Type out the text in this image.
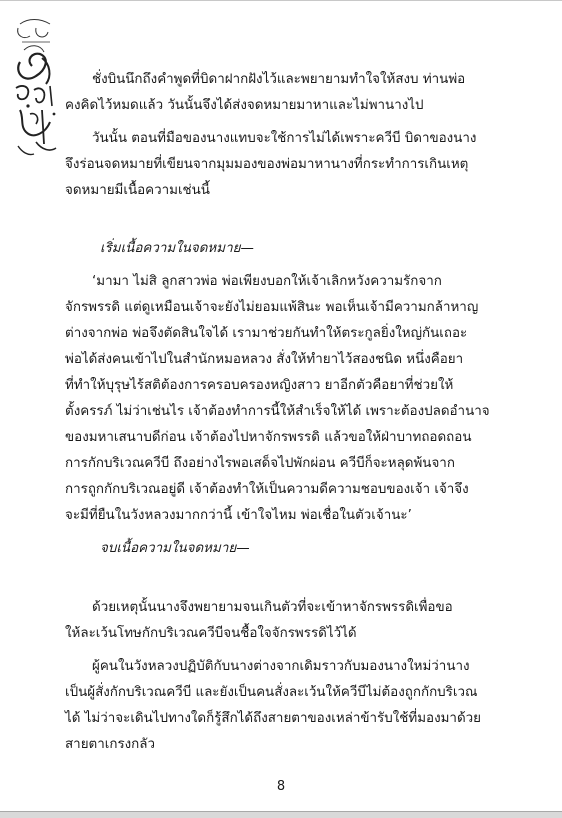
ชั่งบินนึกถึงคำพูดที่บิดาฝากฝังไว้และพยายามทำใจให้สงบ ท่านพ่อ
คงคิดไว้หมดแล้ว วันนั้นจึงได้ส่งจดหมายมาหาและไม่พานางไป
วันนั้น ตอนที่มือของนางแทบจะใช้การไม่ได้เพราะควีบี บิดาของนาง
จึงร่อนจดหมายที่เขียนจากมุมมองของพ่อมาหานางที่กระทำการเกินเหตุ
จดหมายมีเนื้อความเช่นนี้
เริ่มเนื้อความในจดหมาย—
‘มามา ไม่สิ ลูกสาวพ่อ พ่อเพียงบอกให้เจ้าเลิกหวังความรักจาก
จักรพรรดิ แต่ดูเหมือนเจ้าจะยังไม่ยอมแพ้สินะ พอเห็นเจ้ามีความกล้าหาญ
ต่างจากพ่อ พ่อจึงตัดสินใจได้ เรามาช่วยกันทำให้ตระกูลยิ่งใหญ่กันเถอะ
พ่อได้ส่งคนเข้าไปในสำนักหมอหลวง สั่งให้ทำยาไว้สองชนิด หนึ่งคือยา
ที่ทำให้บุรุษไร้สติต้องการครอบครองหญิงสาว ยาอีกตัวคือยาที่ช่วยให้
ตั้งครรภ์ ไม่ว่าเช่นไร เจ้าต้องทำการนี้ให้สำเร็จให้ได้ เพราะต้องปลดอำนาจ
ของมหาเสนาบดีก่อน เจ้าต้องไปหาจักรพรรดิ แล้วขอให้ฝ่าบาทถอดถอน
การกักบริเวณควีบี ถึงอย่างไรพอเสด็จไปพักผ่อน ควีบีก็จะหลุดพ้นจาก
การถูกกักบริเวณอยู่ดี เจ้าต้องทำให้เป็นความดีความชอบของเจ้า เจ้าจึง
จะมีที่ยืนในวังหลวงมากกว่านี้ เข้าใจไหม พ่อเชื่อในตัวเจ้านะ’
จบเนื้อความในจดหมาย—
ด้วยเหตุนั้นนางจึงพยายามจนเกินตัวที่จะเข้าหาจักรพรรดิเพื่อขอ
ให้ละเว้นโทษกักบริเวณควีบีจนชื้อใจจักรพรรดิไว้ได้
ผู้คนในวังหลวงปฏิบัติกับนางต่างจากเดิมราวกับมองนางใหม่ว่านาง
เป็นผู้สั่งกักบริเวณควีบี และยังเป็นคนสั่งละเว้นให้ควีบีไม่ต้องถูกกักบริเวณ
ได้ ไม่ว่าจะเดินไปทางใดก็รู้สึกได้ถึงสายตาของเหล่าข้ารับใช้ที่มองมาด้วย
สายตาเกรงกลัว
8
